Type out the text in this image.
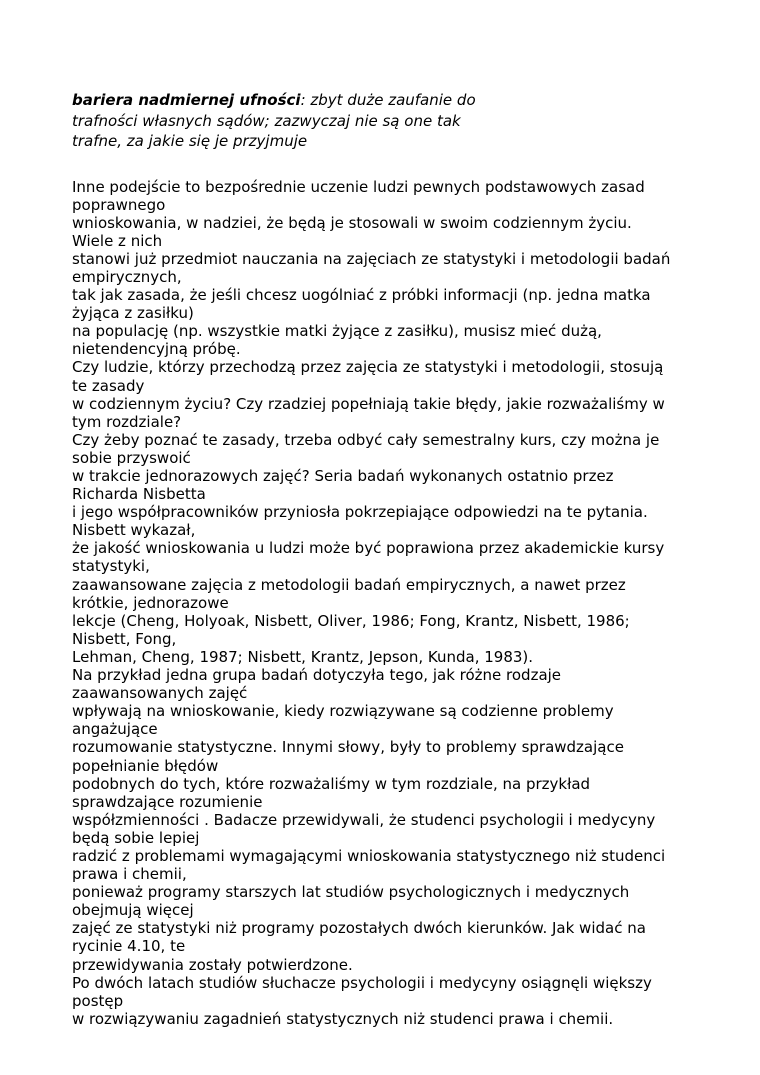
bariera nadmiernej ufności: zbyt duże zaufanie do
trafności własnych sądów; zazwyczaj nie są one tak
trafne, za jakie się je przyjmuje
Inne podejście to bezpośrednie uczenie ludzi pewnych podstawowych zasad
poprawnego
wnioskowania, w nadziei, że będą je stosowali w swoim codziennym życiu.
Wiele z nich
stanowi już przedmiot nauczania na zajęciach ze statystyki i metodologii badań
empirycznych,
tak jak zasada, że jeśli chcesz uogólniać z próbki informacji (np. jedna matka
żyjąca z zasiłku)
na populację (np. wszystkie matki żyjące z zasiłku), musisz mieć dużą,
nietendencyjną próbę.
Czy ludzie, którzy przechodzą przez zajęcia ze statystyki i metodologii, stosują
te zasady
w codziennym życiu? Czy rzadziej popełniają takie błędy, jakie rozważaliśmy w
tym rozdziale?
Czy żeby poznać te zasady, trzeba odbyć cały semestralny kurs, czy można je
sobie przyswoić
w trakcie jednorazowych zajęć? Seria badań wykonanych ostatnio przez
Richarda Nisbetta
i jego współpracowników przyniosła pokrzepiające odpowiedzi na te pytania.
Nisbett wykazał,
że jakość wnioskowania u ludzi może być poprawiona przez akademickie kursy
statystyki,
zaawansowane zajęcia z metodologii badań empirycznych, a nawet przez
krótkie, jednorazowe
lekcje (Cheng, Holyoak, Nisbett, Oliver, 1986; Fong, Krantz, Nisbett, 1986;
Nisbett, Fong,
Lehman, Cheng, 1987; Nisbett, Krantz, Jepson, Kunda, 1983).
Na przykład jedna grupa badań dotyczyła tego, jak różne rodzaje
zaawansowanych zajęć
wpływają na wnioskowanie, kiedy rozwiązywane są codzienne problemy
angażujące
rozumowanie statystyczne. Innymi słowy, były to problemy sprawdzające
popełnianie błędów
podobnych do tych, które rozważaliśmy w tym rozdziale, na przykład
sprawdzające rozumienie
współzmienności . Badacze przewidywali, że studenci psychologii i medycyny
będą sobie lepiej
radzić z problemami wymagającymi wnioskowania statystycznego niż studenci
prawa i chemii,
ponieważ programy starszych lat studiów psychologicznych i medycznych
obejmują więcej
zajęć ze statystyki niż programy pozostałych dwóch kierunków. Jak widać na
rycinie 4.10, te
przewidywania zostały potwierdzone.
Po dwóch latach studiów słuchacze psychologii i medycyny osiągnęli większy
postęp
w rozwiązywaniu zagadnień statystycznych niż studenci prawa i chemii.
